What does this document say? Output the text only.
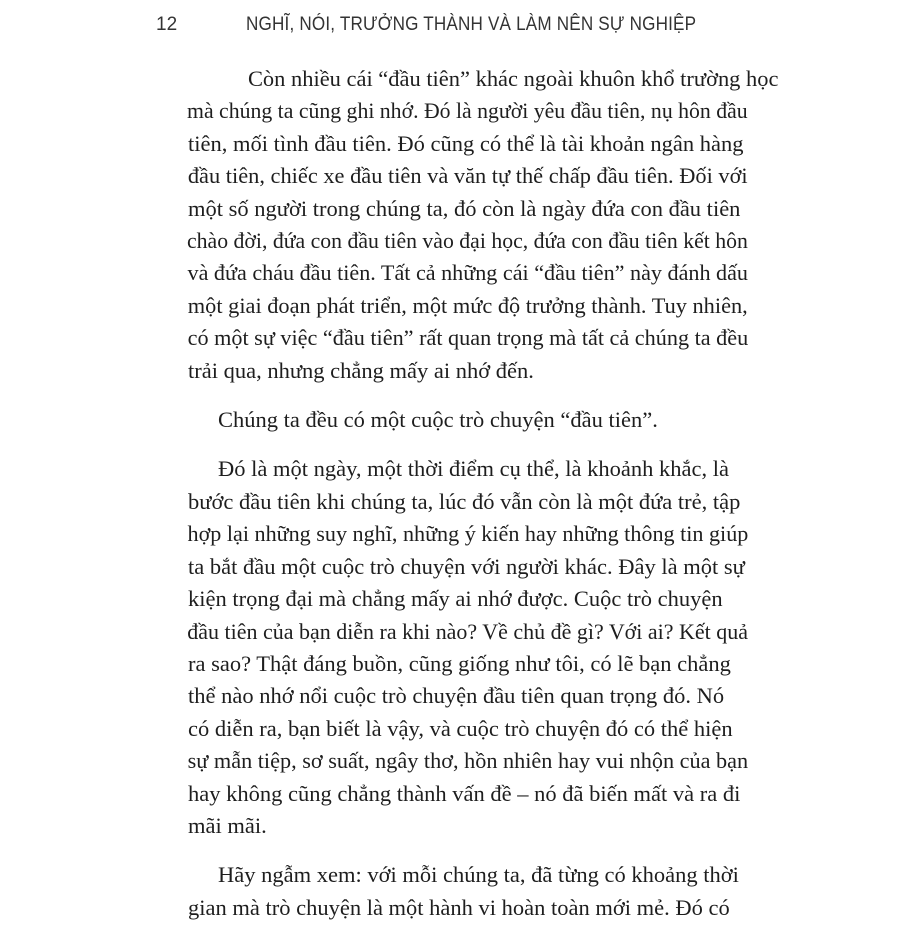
12	NGHĨ, NÓI, TRƯỞNG THÀNH VÀ LÀM NÊN SỰ NGHIỆP

Còn nhiều cái “đầu tiên” khác ngoài khuôn khổ trường học
mà chúng ta cũng ghi nhớ. Đó là người yêu đầu tiên, nụ hôn đầu

tiên, mối tình đầu tiên. Đó cũng có thể là tài khoản ngân hàng
đầu tiên, chiếc xe đầu tiên và văn tự thế chấp đầu tiên. Đối với

một số người trong chúng ta, đó còn là ngày đứa con đầu tiên
chào đời, đứa con đầu tiên vào đại học, đứa con đầu tiên kết hôn
và đứa cháu đầu tiên. Tất cả những cái “đầu tiên” này đánh dấu
một giai đoạn phát triển, một mức độ trưởng thành. Tuy nhiên,
có một sự việc “đầu tiên” rất quan trọng mà tất cả chúng ta đều

trải qua, nhưng chẳng mấy ai nhớ đến.

Chúng ta đều có một cuộc trò chuyện “đầu tiên”.

Đó là một ngày, một thời điểm cụ thể, là khoảnh khắc, là
bước đầu tiên khi chúng ta, lúc đó vẫn còn là một đứa trẻ, tập
hợp lại những suy nghĩ, những ý kiến hay những thông tin giúp

ta bắt đầu một cuộc trò chuyện với người khác. Đây là một sự
kiện trọng đại mà chẳng mấy ai nhớ được. Cuộc trò chuyện
đầu tiên của bạn diễn ra khi nào? Về chủ đề gì? Với ai? Kết quả

ra sao? Thật đáng buồn, cũng giống như tôi, có lẽ bạn chẳng
thể nào nhớ nổi cuộc trò chuyện đầu tiên quan trọng đó. Nó
có diễn ra, bạn biết là vậy, và cuộc trò chuyện đó có thể hiện
sự mẫn tiệp, sơ suất, ngây thơ, hồn nhiên hay vui nhộn của bạn

hay không cũng chẳng thành vấn đề – nó đã biến mất và ra đi
mãi mãi.

Hãy ngẫm xem: với mỗi chúng ta, đã từng có khoảng thời
gian mà trò chuyện là một hành vi hoàn toàn mới mẻ. Đó có
